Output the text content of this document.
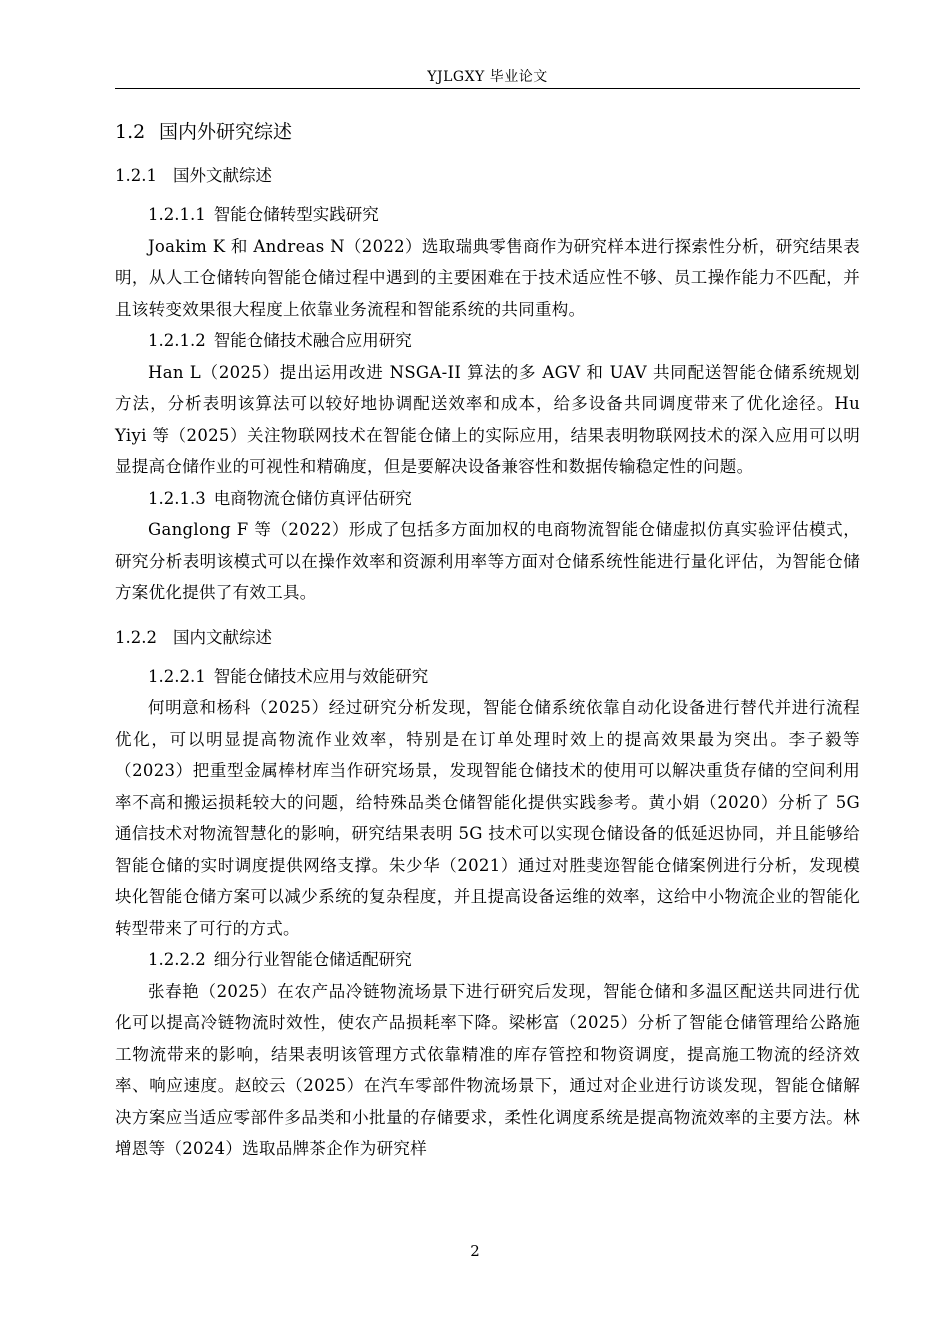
YJLGXY 毕业论文
1.2 国内外研究综述
1.2.1 国外文献综述
1.2.1.1 智能仓储转型实践研究

Joakim K 和 Andreas N（2022）选取瑞典零售商作为研究样本进行探索性分析，研究结果表明，从人工仓储转向智能仓储过程中遇到的主要困难在于技术适应性不够、员工操作能力不匹配，并且该转变效果很大程度上依靠业务流程和智能系统的共同重构。

1.2.1.2 智能仓储技术融合应用研究

Han L（2025）提出运用改进 NSGA-II 算法的多 AGV 和 UAV 共同配送智能仓储系统规划方法，分析表明该算法可以较好地协调配送效率和成本，给多设备共同调度带来了优化途径。Hu Yiyi 等（2025）关注物联网技术在智能仓储上的实际应用，结果表明物联网技术的深入应用可以明显提高仓储作业的可视性和精确度，但是要解决设备兼容性和数据传输稳定性的问题。

1.2.1.3 电商物流仓储仿真评估研究

Ganglong F 等（2022）形成了包括多方面加权的电商物流智能仓储虚拟仿真实验评估模式，研究分析表明该模式可以在操作效率和资源利用率等方面对仓储系统性能进行量化评估，为智能仓储方案优化提供了有效工具。

1.2.2 国内文献综述
1.2.2.1 智能仓储技术应用与效能研究

何明意和杨科（2025）经过研究分析发现，智能仓储系统依靠自动化设备进行替代并进行流程优化，可以明显提高物流作业效率，特别是在订单处理时效上的提高效果最为突出。李子毅等（2023）把重型金属棒材库当作研究场景，发现智能仓储技术的使用可以解决重货存储的空间利用率不高和搬运损耗较大的问题，给特殊品类仓储智能化提供实践参考。黄小娟（2020）分析了 5G 通信技术对物流智慧化的影响，研究结果表明 5G 技术可以实现仓储设备的低延迟协同，并且能够给智能仓储的实时调度提供网络支撑。朱少华（2021）通过对胜斐迩智能仓储案例进行分析，发现模块化智能仓储方案可以减少系统的复杂程度，并且提高设备运维的效率，这给中小物流企业的智能化转型带来了可行的方式。

1.2.2.2 细分行业智能仓储适配研究

张春艳（2025）在农产品冷链物流场景下进行研究后发现，智能仓储和多温区配送共同进行优化可以提高冷链物流时效性，使农产品损耗率下降。梁彬富（2025）分析了智能仓储管理给公路施工物流带来的影响，结果表明该管理方式依靠精准的库存管控和物资调度，提高施工物流的经济效率、响应速度。赵皎云（2025）在汽车零部件物流场景下，通过对企业进行访谈发现，智能仓储解决方案应当适应零部件多品类和小批量的存储要求，柔性化调度系统是提高物流效率的主要方法。林增恩等（2024）选取品牌茶企作为研究样

2
